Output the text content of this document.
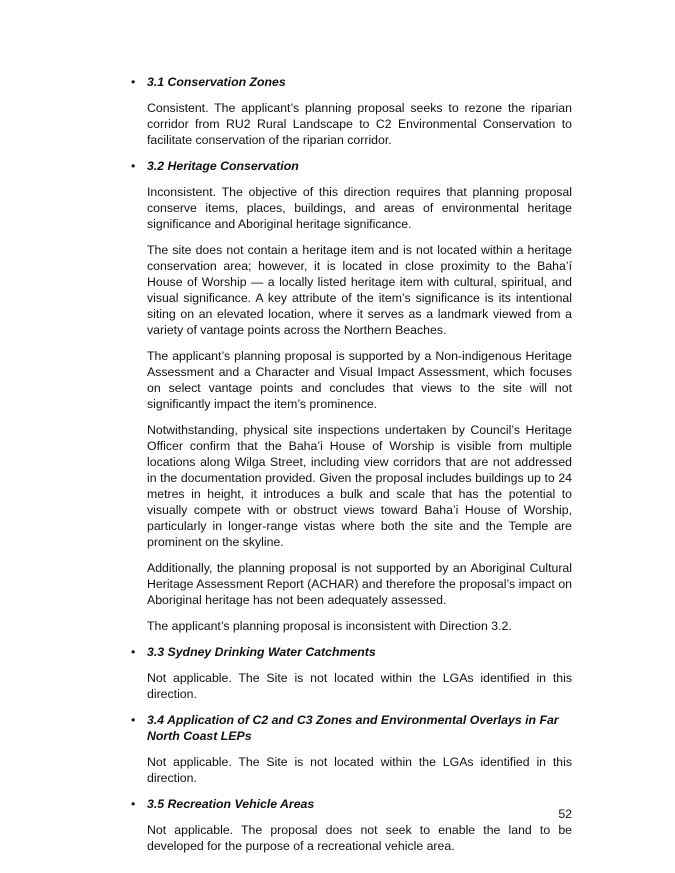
• 3.1 Conservation Zones

Consistent. The applicant’s planning proposal seeks to rezone the riparian corridor from RU2 Rural Landscape to C2 Environmental Conservation to facilitate conservation of the riparian corridor.

• 3.2 Heritage Conservation

Inconsistent. The objective of this direction requires that planning proposal conserve items, places, buildings, and areas of environmental heritage significance and Aboriginal heritage significance.

The site does not contain a heritage item and is not located within a heritage conservation area; however, it is located in close proximity to the Baha’í House of Worship — a locally listed heritage item with cultural, spiritual, and visual significance. A key attribute of the item’s significance is its intentional siting on an elevated location, where it serves as a landmark viewed from a variety of vantage points across the Northern Beaches.

The applicant’s planning proposal is supported by a Non-indigenous Heritage Assessment and a Character and Visual Impact Assessment, which focuses on select vantage points and concludes that views to the site will not significantly impact the item’s prominence.

Notwithstanding, physical site inspections undertaken by Council’s Heritage Officer confirm that the Baha’i House of Worship is visible from multiple locations along Wilga Street, including view corridors that are not addressed in the documentation provided. Given the proposal includes buildings up to 24 metres in height, it introduces a bulk and scale that has the potential to visually compete with or obstruct views toward Baha’i House of Worship, particularly in longer-range vistas where both the site and the Temple are prominent on the skyline.

Additionally, the planning proposal is not supported by an Aboriginal Cultural Heritage Assessment Report (ACHAR) and therefore the proposal’s impact on Aboriginal heritage has not been adequately assessed.

The applicant’s planning proposal is inconsistent with Direction 3.2.

• 3.3 Sydney Drinking Water Catchments

Not applicable. The Site is not located within the LGAs identified in this direction.

• 3.4 Application of C2 and C3 Zones and Environmental Overlays in Far North Coast LEPs

Not applicable. The Site is not located within the LGAs identified in this direction.

• 3.5 Recreation Vehicle Areas

Not applicable. The proposal does not seek to enable the land to be developed for the purpose of a recreational vehicle area.

52
